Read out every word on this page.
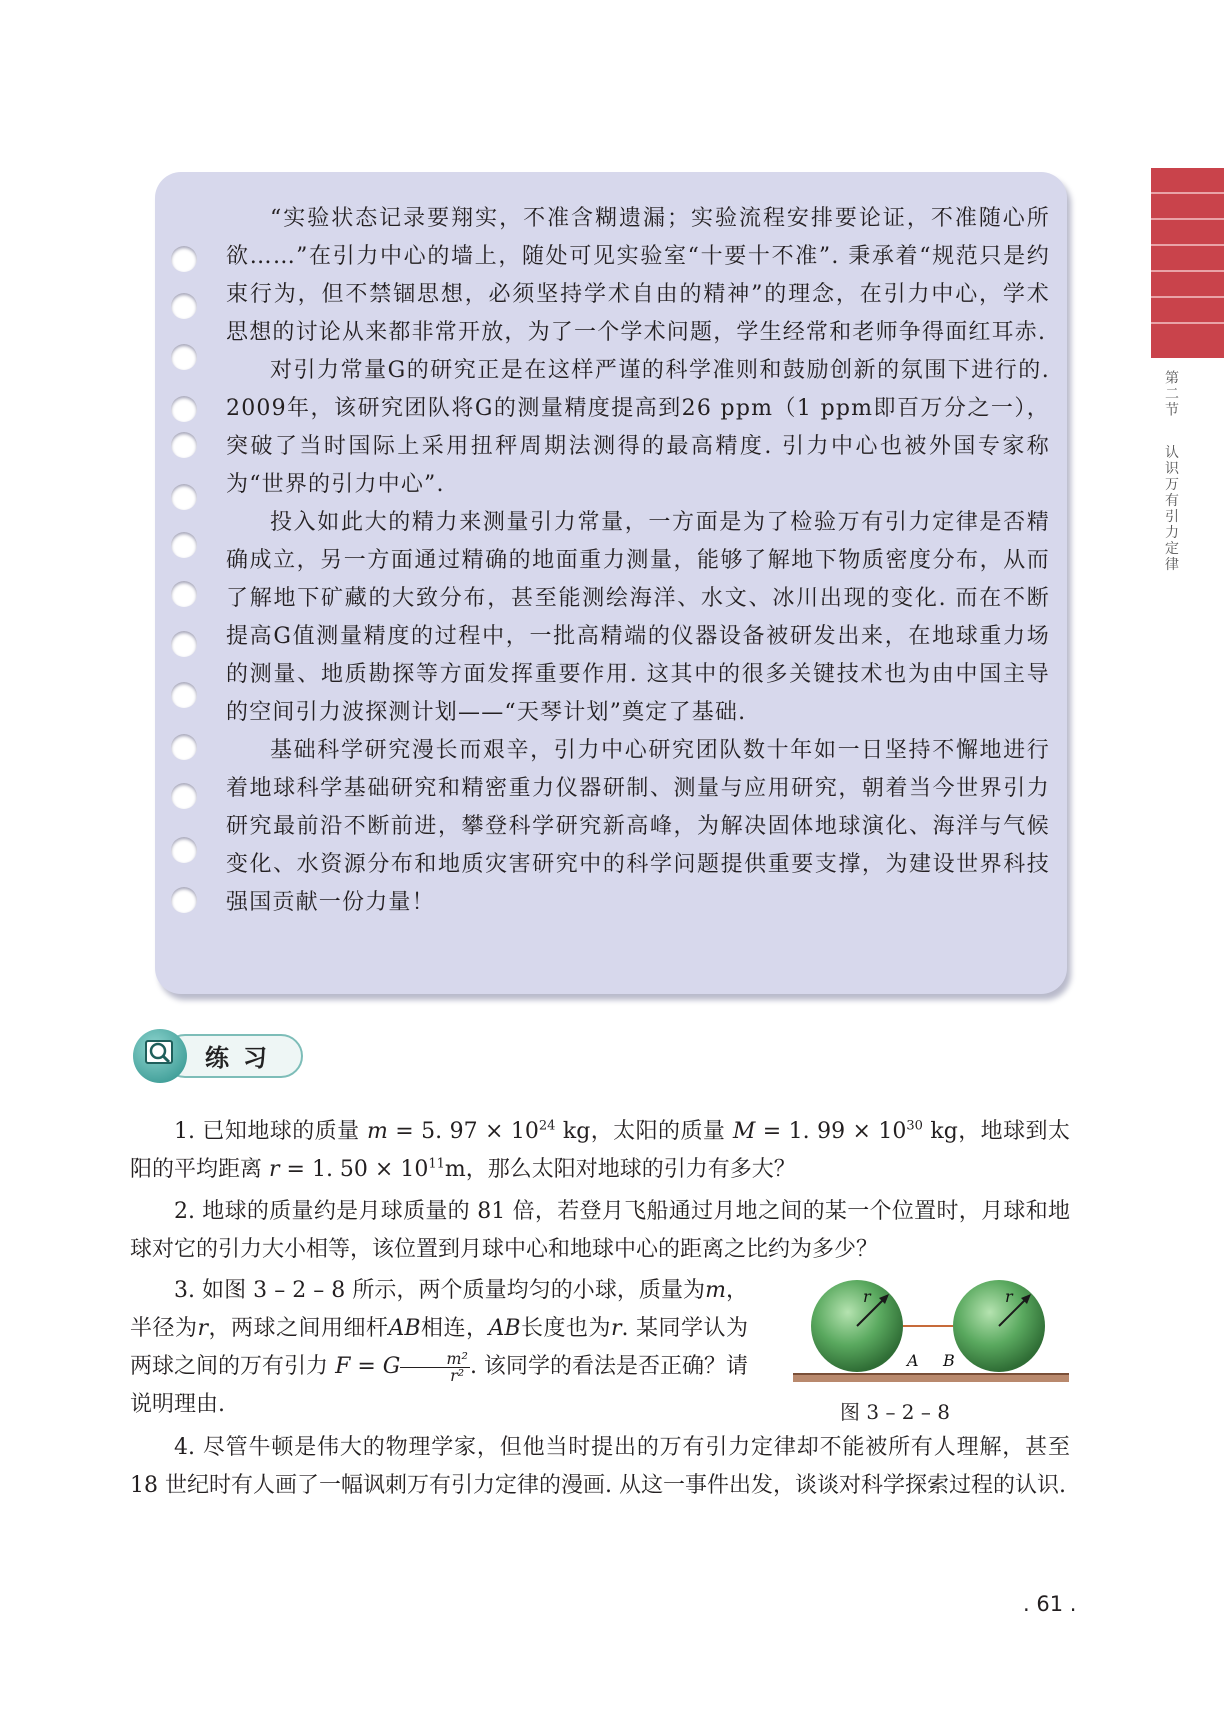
第二节  认识万有引力定律

“实验状态记录要翔实，不准含糊遗漏；实验流程安排要论证，不准随心所欲……”在引力中心的墙上，随处可见实验室“十要十不准”. 秉承着“规范只是约束行为，但不禁锢思想，必须坚持学术自由的精神”的理念，在引力中心，学术思想的讨论从来都非常开放，为了一个学术问题，学生经常和老师争得面红耳赤.

对引力常量G的研究正是在这样严谨的科学准则和鼓励创新的氛围下进行的. 2009年，该研究团队将G的测量精度提高到26 ppm（1 ppm即百万分之一），突破了当时国际上采用扭秤周期法测得的最高精度. 引力中心也被外国专家称为“世界的引力中心”.

投入如此大的精力来测量引力常量，一方面是为了检验万有引力定律是否精确成立，另一方面通过精确的地面重力测量，能够了解地下物质密度分布，从而了解地下矿藏的大致分布，甚至能测绘海洋、水文、冰川出现的变化. 而在不断提高G值测量精度的过程中，一批高精端的仪器设备被研发出来，在地球重力场的测量、地质勘探等方面发挥重要作用. 这其中的很多关键技术也为由中国主导的空间引力波探测计划——“天琴计划”奠定了基础.

基础科学研究漫长而艰辛，引力中心研究团队数十年如一日坚持不懈地进行着地球科学基础研究和精密重力仪器研制、测量与应用研究，朝着当今世界引力研究最前沿不断前进，攀登科学研究新高峰，为解决固体地球演化、海洋与气候变化、水资源分布和地质灾害研究中的科学问题提供重要支撑，为建设世界科技强国贡献一份力量！

练习

1. 已知地球的质量 m = 5. $97 \times 10^{24}$ kg，太阳的质量 M = 1. $99 \times 10^{30}$ kg，地球到太阳的平均距离 r = 1. $50 \times 10^{11}m$，那么太阳对地球的引力有多大？

2. 地球的质量约是月球质量的 81 倍，若登月飞船通过月地之间的某一个位置时，月球和地球对它的引力大小相等，该位置到月球中心和地球中心的距离之比约为多少？

3. 如图 3 – 2 – 8 所示，两个质量均匀的小球，质量为m，半径为r，两球之间用细杆AB相连，AB长度也为r. 某同学认为两球之间的万有引力 F = G $\frac{\text{m²}}{\text{r²}}$ . 该同学的看法是否正确？请说明理由.

r	r
A B
图 3 – 2 – 8

4. 尽管牛顿是伟大的物理学家，但他当时提出的万有引力定律却不能被所有人理解，甚至 18 世纪时有人画了一幅讽刺万有引力定律的漫画. 从这一事件出发，谈谈对科学探索过程的认识.

. 61 .
